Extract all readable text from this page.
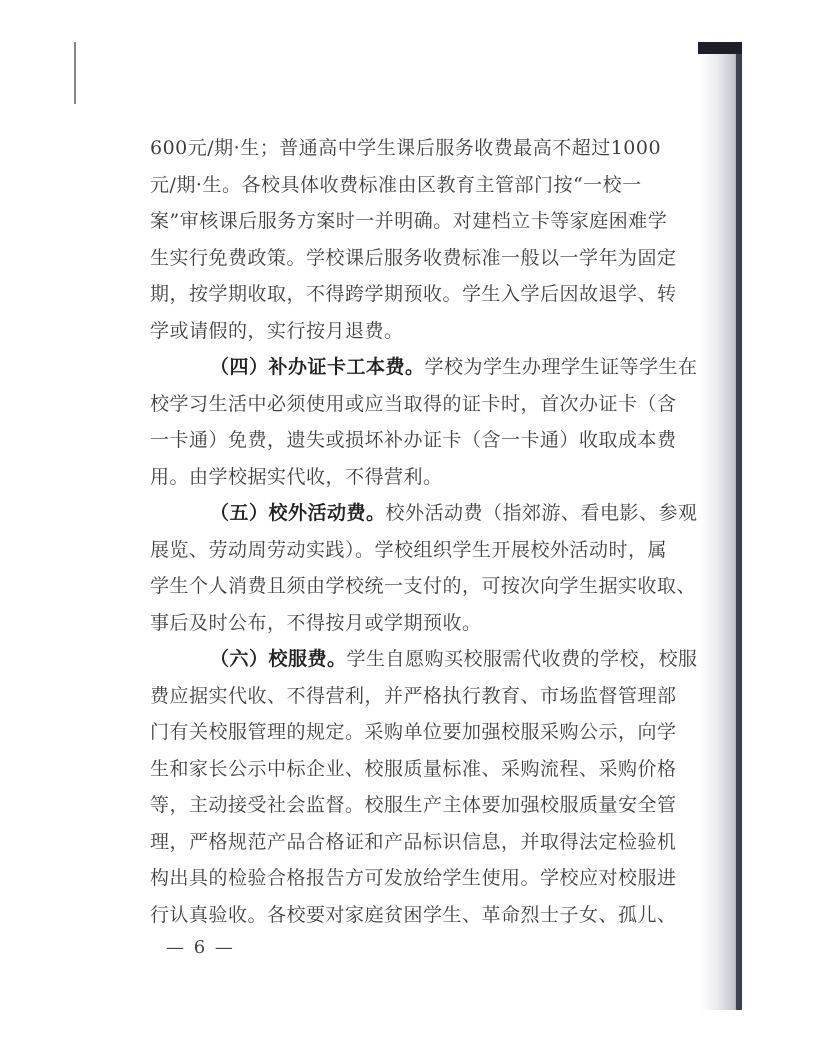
600元/期·生；普通高中学生课后服务收费最高不超过1000
元/期·生。各校具体收费标准由区教育主管部门按“一校一
案”审核课后服务方案时一并明确。对建档立卡等家庭困难学
生实行免费政策。学校课后服务收费标准一般以一学年为固定
期，按学期收取，不得跨学期预收。学生入学后因故退学、转
学或请假的，实行按月退费。
（四）补办证卡工本费。学校为学生办理学生证等学生在
校学习生活中必须使用或应当取得的证卡时，首次办证卡（含
一卡通）免费，遗失或损坏补办证卡（含一卡通）收取成本费
用。由学校据实代收，不得营利。
（五）校外活动费。校外活动费（指郊游、看电影、参观
展览、劳动周劳动实践）。学校组织学生开展校外活动时，属
学生个人消费且须由学校统一支付的，可按次向学生据实收取、
事后及时公布，不得按月或学期预收。
（六）校服费。学生自愿购买校服需代收费的学校，校服
费应据实代收、不得营利，并严格执行教育、市场监督管理部
门有关校服管理的规定。采购单位要加强校服采购公示，向学
生和家长公示中标企业、校服质量标准、采购流程、采购价格
等，主动接受社会监督。校服生产主体要加强校服质量安全管
理，严格规范产品合格证和产品标识信息，并取得法定检验机
构出具的检验合格报告方可发放给学生使用。学校应对校服进
行认真验收。各校要对家庭贫困学生、革命烈士子女、孤儿、
— 6 —
